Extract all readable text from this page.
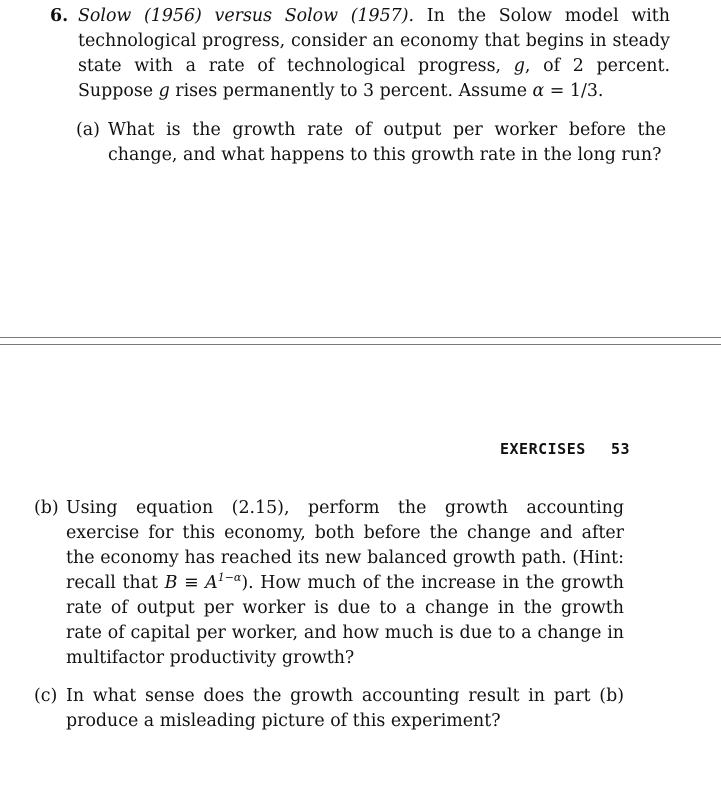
6. Solow (1956) versus Solow (1957). In the Solow model with technological progress, consider an economy that begins in steady state with a rate of technological progress, g, of 2 percent. Suppose g rises permanently to 3 percent. Assume α = 1/3.
(a) What is the growth rate of output per worker before the change, and what happens to this growth rate in the long run?
EXERCISES 53
(b) Using equation (2.15), perform the growth accounting exercise for this economy, both before the change and after the economy has reached its new balanced growth path. (Hint: recall that $B \equiv A^{1-\alpha}$). How much of the increase in the growth rate of output per worker is due to a change in the growth rate of capital per worker, and how much is due to a change in multifactor productivity growth?
(c) In what sense does the growth accounting result in part (b) produce a misleading picture of this experiment?
